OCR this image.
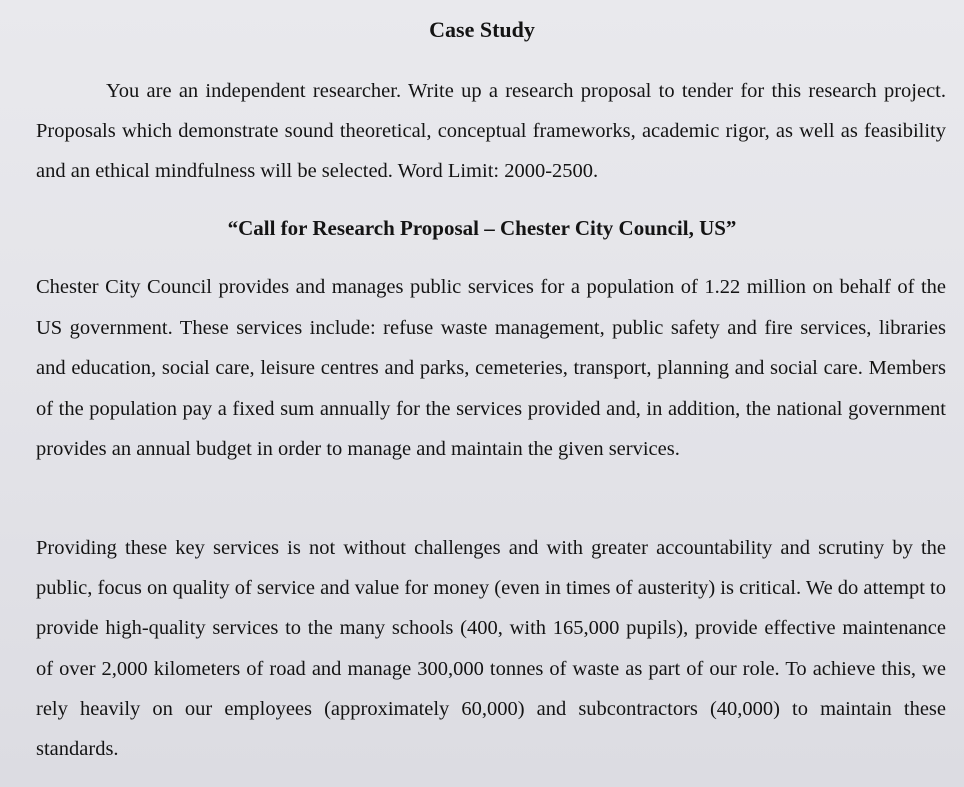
Case Study

You are an independent researcher. Write up a research proposal to tender for this research project. Proposals which demonstrate sound theoretical, conceptual frameworks, academic rigor, as well as feasibility and an ethical mindfulness will be selected. Word Limit: 2000-2500.

“Call for Research Proposal – Chester City Council, US”

Chester City Council provides and manages public services for a population of 1.22 million on behalf of the US government. These services include: refuse waste management, public safety and fire services, libraries and education, social care, leisure centres and parks, cemeteries, transport, planning and social care. Members of the population pay a fixed sum annually for the services provided and, in addition, the national government provides an annual budget in order to manage and maintain the given services.

Providing these key services is not without challenges and with greater accountability and scrutiny by the public, focus on quality of service and value for money (even in times of austerity) is critical. We do attempt to provide high-quality services to the many schools (400, with 165,000 pupils), provide effective maintenance of over 2,000 kilometers of road and manage 300,000 tonnes of waste as part of our role. To achieve this, we rely heavily on our employees (approximately 60,000) and subcontractors (40,000) to maintain these standards.
